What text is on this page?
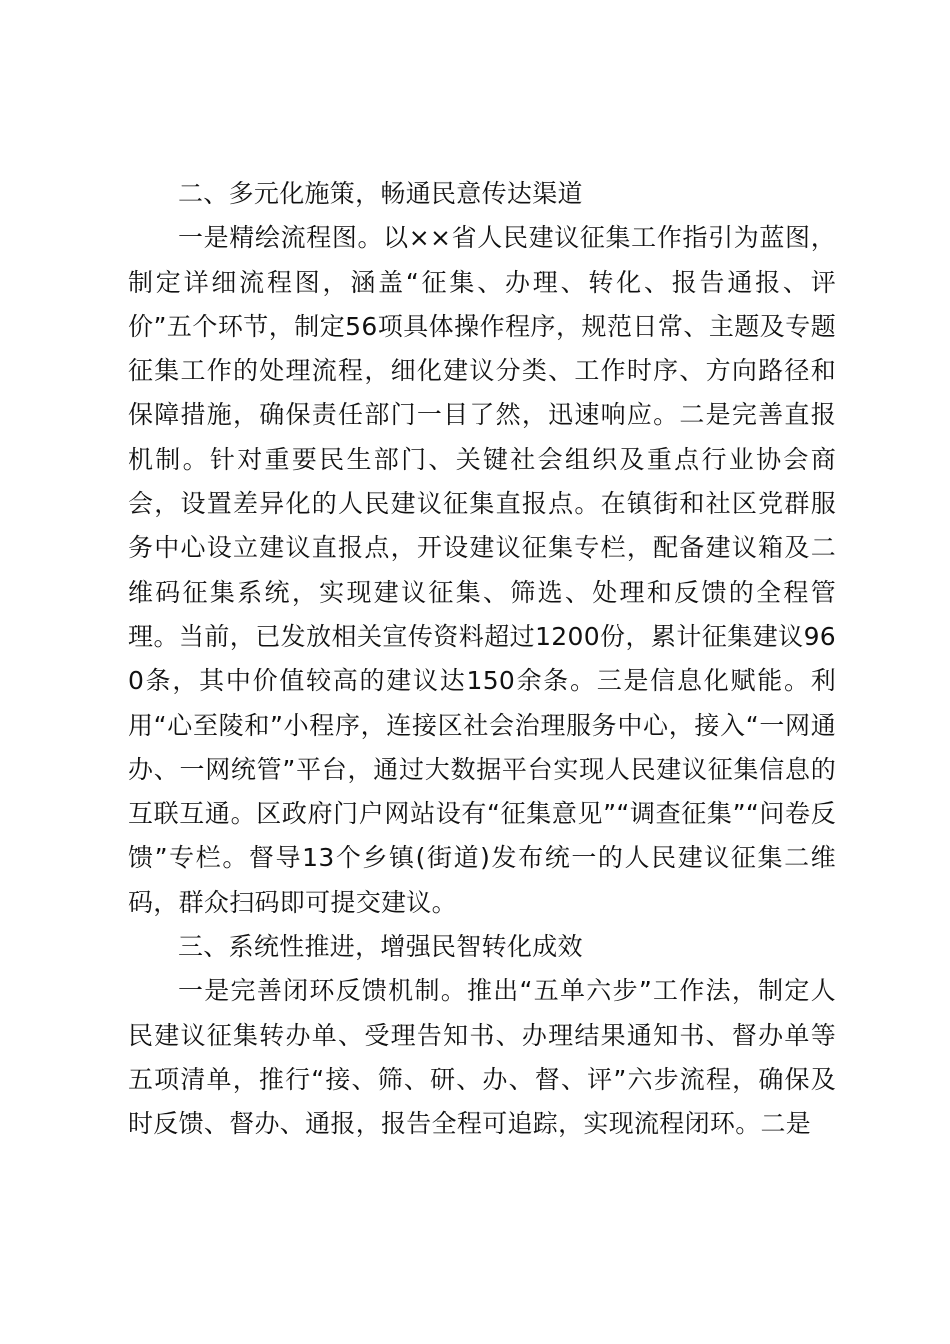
二、多元化施策，畅通民意传达渠道

一是精绘流程图。以××省人民建议征集工作指引为蓝图，制定详细流程图，涵盖“征集、办理、转化、报告通报、评价”五个环节，制定56项具体操作程序，规范日常、主题及专题征集工作的处理流程，细化建议分类、工作时序、方向路径和保障措施，确保责任部门一目了然，迅速响应。二是完善直报机制。针对重要民生部门、关键社会组织及重点行业协会商会，设置差异化的人民建议征集直报点。在镇街和社区党群服务中心设立建议直报点，开设建议征集专栏，配备建议箱及二维码征集系统，实现建议征集、筛选、处理和反馈的全程管理。当前，已发放相关宣传资料超过1200份，累计征集建议960条，其中价值较高的建议达150余条。三是信息化赋能。利用“心至陵和”小程序，连接区社会治理服务中心，接入“一网通办、一网统管”平台，通过大数据平台实现人民建议征集信息的互联互通。区政府门户网站设有“征集意见”“调查征集”“问卷反馈”专栏。督导13个乡镇(街道)发布统一的人民建议征集二维码，群众扫码即可提交建议。

三、系统性推进，增强民智转化成效

一是完善闭环反馈机制。推出“五单六步”工作法，制定人民建议征集转办单、受理告知书、办理结果通知书、督办单等五项清单，推行“接、筛、研、办、督、评”六步流程，确保及时反馈、督办、通报，报告全程可追踪，实现流程闭环。二是
